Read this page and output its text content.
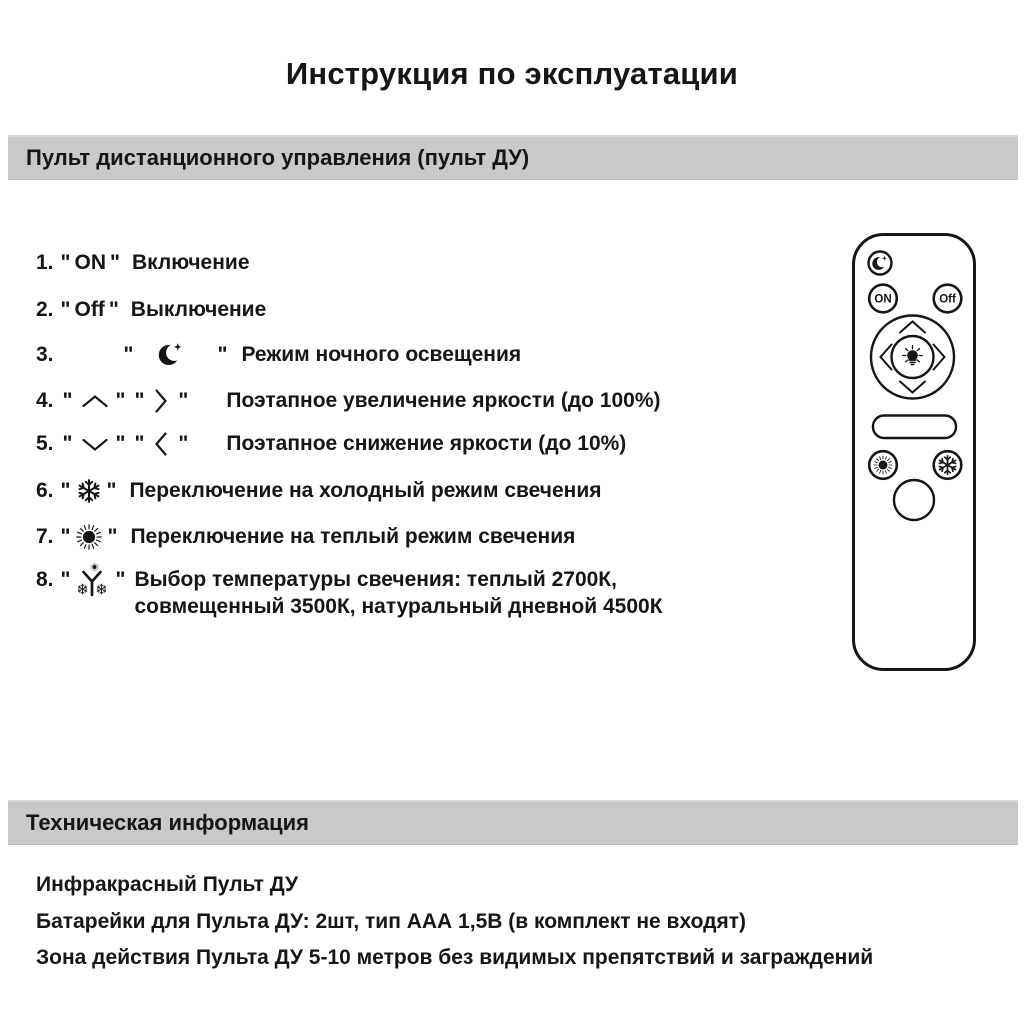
Инструкция по эксплуатации
Пульт дистанционного управления (пульт ДУ)
1. " ON " Включение
2. " Off " Выключение
3.	"	" Режим ночного освещения
4. " " " " Поэтапное увеличение яркости (до 100%)
5. " " " " Поэтапное снижение яркости (до 10%)
6. " " Переключение на холодный режим свечения
7. " " Переключение на теплый режим свечения
8. " " Выбор температуры свечения: теплый 2700К,
совмещенный 3500К, натуральный дневной 4500К
ON	Off
Техническая информация
Инфракрасный Пульт ДУ
Батарейки для Пульта ДУ: 2шт, тип ААА 1,5В (в комплект не входят)
Зона действия Пульта ДУ 5-10 метров без видимых препятствий и заграждений
